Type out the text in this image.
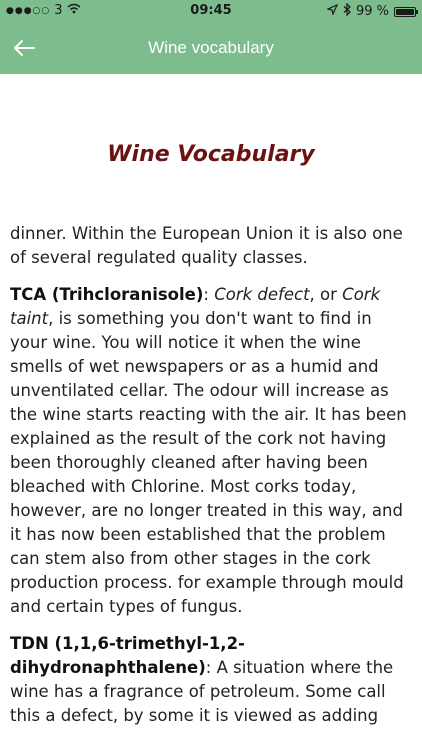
●●●○○ 3	09:45	99 %
Wine vocabulary
Wine Vocabulary

dinner. Within the European Union it is also one of several regulated quality classes.

TCA (Trihcloranisole): Cork defect, or Cork taint, is something you don't want to find in your wine. You will notice it when the wine smells of wet newspapers or as a humid and unventilated cellar. The odour will increase as the wine starts reacting with the air. It has been explained as the result of the cork not having been thoroughly cleaned after having been bleached with Chlorine. Most corks today, however, are no longer treated in this way, and it has now been established that the problem can stem also from other stages in the cork production process. for example through mould and certain types of fungus.

TDN (1,1,6-trimethyl-1,2-dihydronaphthalene): A situation where the wine has a fragrance of petroleum. Some call this a defect, by some it is viewed as adding
